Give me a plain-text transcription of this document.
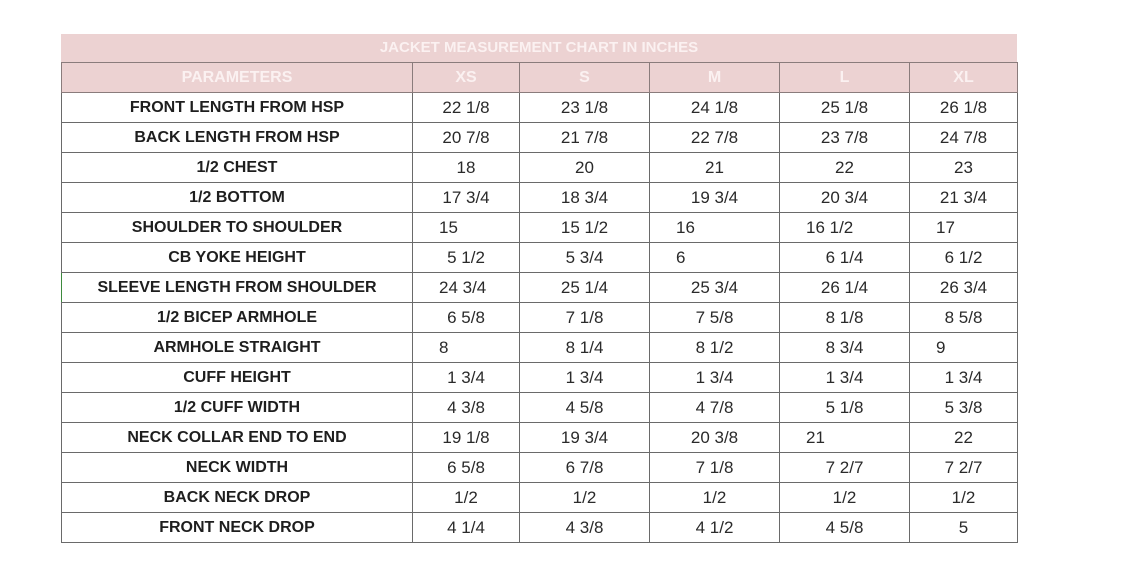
JACKET MEASUREMENT CHART IN INCHES
PARAMETERS	XS	S	M	L	XL
FRONT LENGTH FROM HSP	22 1/8	23 1/8	24 1/8	25 1/8	26 1/8
BACK LENGTH FROM HSP	20 7/8	21 7/8	22 7/8	23 7/8	24 7/8
1/2 CHEST	18	20	21	22	23
1/2 BOTTOM	17 3/4	18 3/4	19 3/4	20 3/4	21 3/4
SHOULDER TO SHOULDER	15	15 1/2	16	16 1/2	17
CB YOKE HEIGHT	5 1/2	5 3/4	6	6 1/4	6 1/2
SLEEVE LENGTH FROM SHOULDER	24 3/4	25 1/4	25 3/4	26 1/4	26 3/4
1/2 BICEP ARMHOLE	6 5/8	7 1/8	7 5/8	8 1/8	8 5/8
ARMHOLE STRAIGHT	8	8 1/4	8 1/2	8 3/4	9
CUFF HEIGHT	1 3/4	1 3/4	1 3/4	1 3/4	1 3/4
1/2 CUFF WIDTH	4 3/8	4 5/8	4 7/8	5 1/8	5 3/8
NECK COLLAR END TO END	19 1/8	19 3/4	20 3/8	21	22
NECK WIDTH	6 5/8	6 7/8	7 1/8	7 2/7	7 2/7
BACK NECK DROP	1/2	1/2	1/2	1/2	1/2
FRONT NECK DROP	4 1/4	4 3/8	4 1/2	4 5/8	5
